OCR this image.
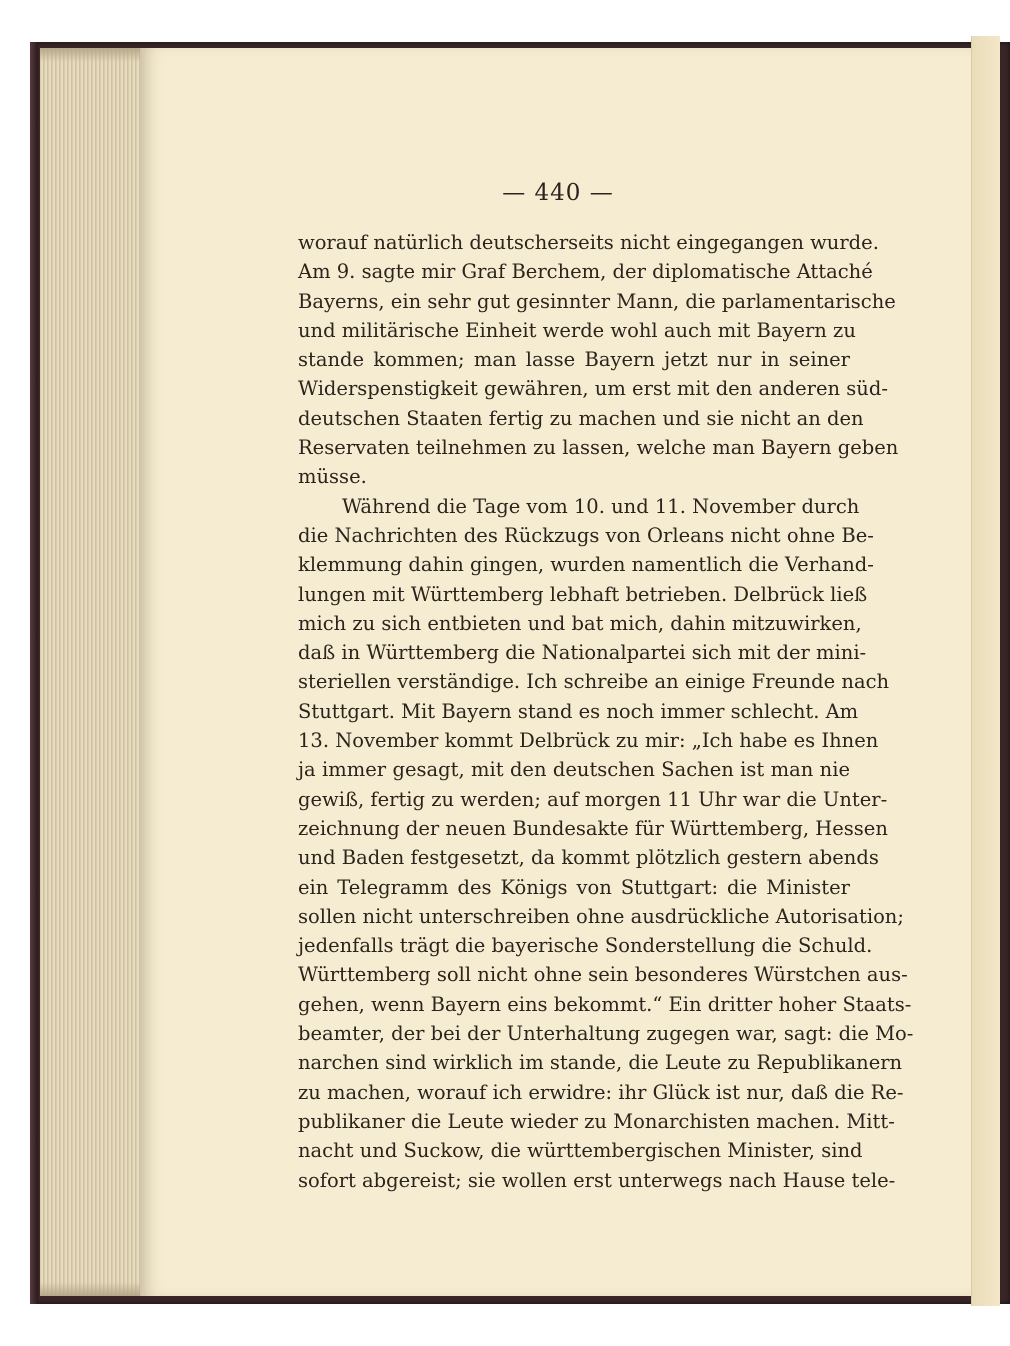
— 440 —
worauf natürlich deutscherseits nicht eingegangen wurde.
Am 9. sagte mir Graf Berchem, der diplomatische Attaché
Bayerns, ein sehr gut gesinnter Mann, die parlamentarische
und militärische Einheit werde wohl auch mit Bayern zu
stande kommen; man lasse Bayern jetzt nur in seiner
Widerspenstigkeit gewähren, um erst mit den anderen süd-
deutschen Staaten fertig zu machen und sie nicht an den
Reservaten teilnehmen zu lassen, welche man Bayern geben
müsse.
Während die Tage vom 10. und 11. November durch
die Nachrichten des Rückzugs von Orleans nicht ohne Be-
klemmung dahin gingen, wurden namentlich die Verhand-
lungen mit Württemberg lebhaft betrieben. Delbrück ließ
mich zu sich entbieten und bat mich, dahin mitzuwirken,
daß in Württemberg die Nationalpartei sich mit der mini-
steriellen verständige. Ich schreibe an einige Freunde nach
Stuttgart. Mit Bayern stand es noch immer schlecht. Am
13. November kommt Delbrück zu mir: „Ich habe es Ihnen
ja immer gesagt, mit den deutschen Sachen ist man nie
gewiß, fertig zu werden; auf morgen 11 Uhr war die Unter-
zeichnung der neuen Bundesakte für Württemberg, Hessen
und Baden festgesetzt, da kommt plötzlich gestern abends
ein Telegramm des Königs von Stuttgart: die Minister
sollen nicht unterschreiben ohne ausdrückliche Autorisation;
jedenfalls trägt die bayerische Sonderstellung die Schuld.
Württemberg soll nicht ohne sein besonderes Würstchen aus-
gehen, wenn Bayern eins bekommt.“ Ein dritter hoher Staats-
beamter, der bei der Unterhaltung zugegen war, sagt: die Mo-
narchen sind wirklich im stande, die Leute zu Republikanern
zu machen, worauf ich erwidre: ihr Glück ist nur, daß die Re-
publikaner die Leute wieder zu Monarchisten machen. Mitt-
nacht und Suckow, die württembergischen Minister, sind
sofort abgereist; sie wollen erst unterwegs nach Hause tele-
